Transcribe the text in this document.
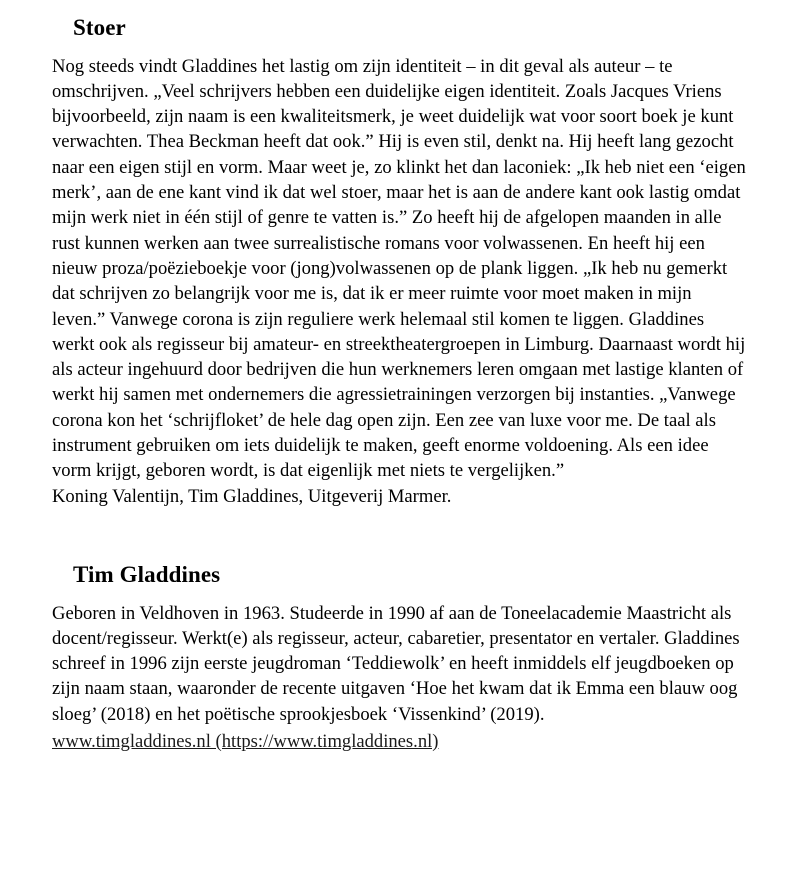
Stoer

Nog steeds vindt Gladdines het lastig om zijn identiteit – in dit geval als auteur – te omschrijven. „Veel schrijvers hebben een duidelijke eigen identiteit. Zoals Jacques Vriens bijvoorbeeld, zijn naam is een kwaliteitsmerk, je weet duidelijk wat voor soort boek je kunt verwachten. Thea Beckman heeft dat ook.” Hij is even stil, denkt na. Hij heeft lang gezocht naar een eigen stijl en vorm. Maar weet je, zo klinkt het dan laconiek: „Ik heb niet een ‘eigen merk’, aan de ene kant vind ik dat wel stoer, maar het is aan de andere kant ook lastig omdat mijn werk niet in één stijl of genre te vatten is.” Zo heeft hij de afgelopen maanden in alle rust kunnen werken aan twee surrealistische romans voor volwassenen. En heeft hij een nieuw proza/poëzieboekje voor (jong)volwassenen op de plank liggen. „Ik heb nu gemerkt dat schrijven zo belangrijk voor me is, dat ik er meer ruimte voor moet maken in mijn leven.” Vanwege corona is zijn reguliere werk helemaal stil komen te liggen. Gladdines werkt ook als regisseur bij amateur- en streektheatergroepen in Limburg. Daarnaast wordt hij als acteur ingehuurd door bedrijven die hun werknemers leren omgaan met lastige klanten of werkt hij samen met ondernemers die agressietrainingen verzorgen bij instanties. „Vanwege corona kon het ‘schrijfloket’ de hele dag open zijn. Een zee van luxe voor me. De taal als instrument gebruiken om iets duidelijk te maken, geeft enorme voldoening. Als een idee vorm krijgt, geboren wordt, is dat eigenlijk met niets te vergelijken.”

Koning Valentijn, Tim Gladdines, Uitgeverij Marmer.

Tim Gladdines

Geboren in Veldhoven in 1963. Studeerde in 1990 af aan de Toneelacademie Maastricht als docent/regisseur. Werkt(e) als regisseur, acteur, cabaretier, presentator en vertaler. Gladdines schreef in 1996 zijn eerste jeugdroman ‘Teddiewolk’ en heeft inmiddels elf jeugdboeken op zijn naam staan, waaronder de recente uitgaven ‘Hoe het kwam dat ik Emma een blauw oog sloeg’ (2018) en het poëtische sprookjesboek ‘Vissenkind’ (2019).

www.timgladdines.nl (https://www.timgladdines.nl)
